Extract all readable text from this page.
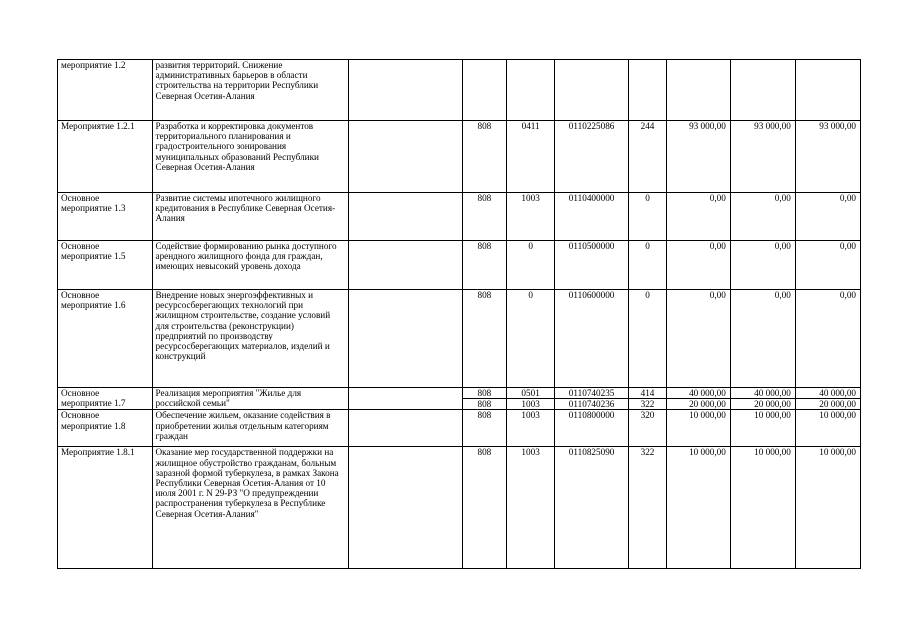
мероприятие 1.2	развития территорий. Снижение административных барьеров в области строительства на территории Республики Северная Осетия-Алания								
Мероприятие 1.2.1	Разработка и корректировка документов территориального планирования и градостроительного зонирования муниципальных образований Республики Северная Осетия-Алания		808	0411	0110225086	244	93 000,00	93 000,00	93 000,00
Основное мероприятие 1.3	Развитие системы ипотечного жилищного кредитования в Республике Северная Осетия-Алания		808	1003	0110400000	0	0,00	0,00	0,00
Основное мероприятие 1.5	Содействие формированию рынка доступного арендного жилищного фонда для граждан, имеющих невысокий уровень дохода		808	0	0110500000	0	0,00	0,00	0,00
Основное мероприятие 1.6	Внедрение новых энергоэффективных и ресурсосберегающих технологий при жилищном строительстве, создание условий для строительства (реконструкции) предприятий по производству ресурсосберегающих материалов, изделий и конструкций		808	0	0110600000	0	0,00	0,00	0,00
Основное мероприятие 1.7	Реализация мероприятия "Жилье для российской семьи"		808	0501	0110740235	414	40 000,00	40 000,00	40 000,00
			808	1003	0110740236	322	20 000,00	20 000,00	20 000,00
Основное мероприятие 1.8	Обеспечение жильем, оказание содействия в приобретении жилья отдельным категориям граждан		808	1003	0110800000	320	10 000,00	10 000,00	10 000,00
Мероприятие 1.8.1	Оказание мер государственной поддержки на жилищное обустройство гражданам, больным заразной формой туберкулеза, в рамках Закона Республики Северная Осетия-Алания от 10 июля 2001 г. N 29-РЗ "О предупреждении распространения туберкулеза в Республике Северная Осетия-Алания"		808	1003	0110825090	322	10 000,00	10 000,00	10 000,00
